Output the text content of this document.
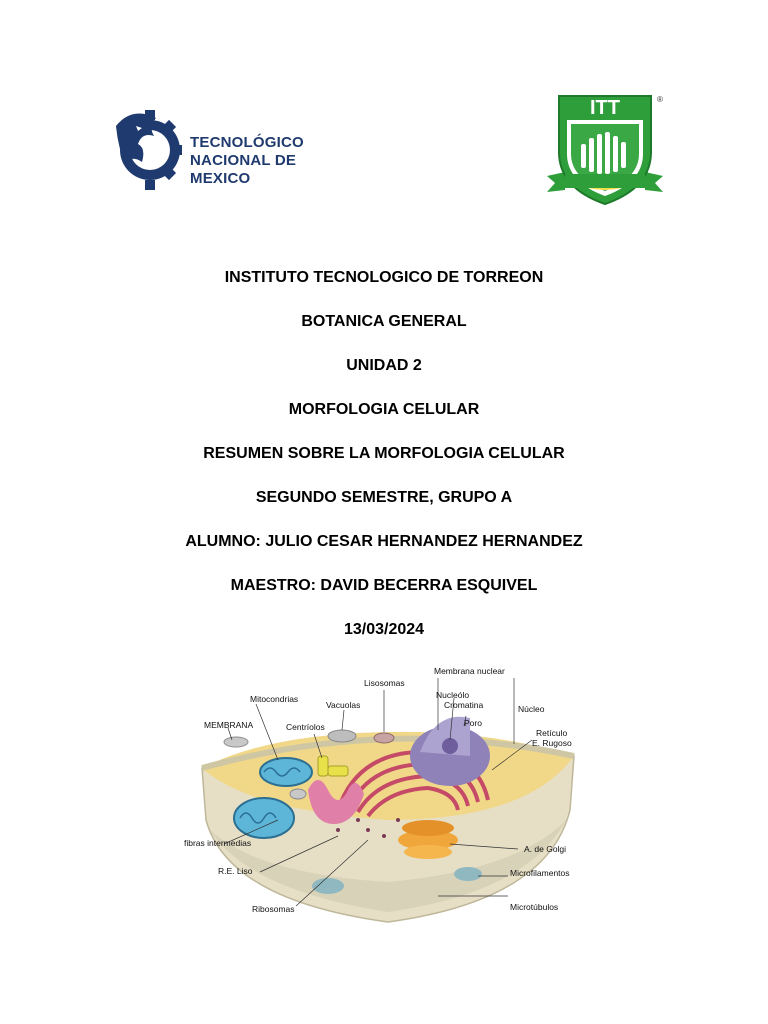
TECNOLÓGICO
NACIONAL DE MEXICO
ITT	®
INSTITUTO TECNOLOGICO DE TORREON
BOTANICA GENERAL
UNIDAD 2
MORFOLOGIA CELULAR
RESUMEN SOBRE LA MORFOLOGIA CELULAR
SEGUNDO SEMESTRE, GRUPO A
ALUMNO: JULIO CESAR HERNANDEZ HERNANDEZ
MAESTRO: DAVID BECERRA ESQUIVEL
13/03/2024
Lisosomas
Membrana nuclear
Mitocondrias
Vacuolas
Nucleólo
Cromatina	Núcleo
MEMBRANA	Centríolos	Poro
Retículo
E. Rugoso
fibras intermedias
A. de Golgi
R.E. Liso	Microfilamentos
Ribosomas	Microtúbulos
